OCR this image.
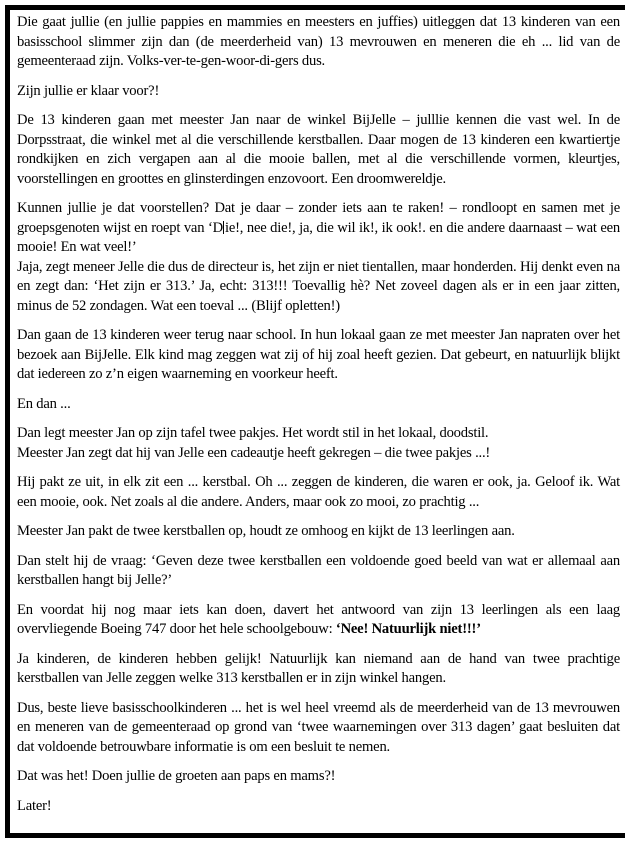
Die gaat jullie (en jullie pappies en mammies en meesters en juffies) uitleggen dat 13 kinderen van een basisschool slimmer zijn dan (de meerderheid van) 13 mevrouwen en meneren die eh ... lid van de gemeenteraad zijn. Volks-ver-te-gen-woor-di-gers dus.

Zijn jullie er klaar voor?!

De 13 kinderen gaan met meester Jan naar de winkel BijJelle – julllie kennen die vast wel. In de Dorpsstraat, die winkel met al die verschillende kerstballen. Daar mogen de 13 kinderen een kwartiertje rondkijken en zich vergapen aan al die mooie ballen, met al die verschillende vormen, kleurtjes, voorstellingen en groottes en glinsterdingen enzovoort. Een droomwereldje.

Kunnen jullie je dat voorstellen? Dat je daar – zonder iets aan te raken! – rondloopt en samen met je groepsgenoten wijst en roept van ‘D ie!, nee die!, ja, die wil ik!, ik ook!. en die andere daarnaast – wat een mooie! En wat veel!’
Jaja, zegt meneer Jelle die dus de directeur is, het zijn er niet tientallen, maar honderden. Hij denkt even na en zegt dan: ‘Het zijn er 313.’ Ja, echt: 313!!! Toevallig hè? Net zoveel dagen als er in een jaar zitten, minus de 52 zondagen. Wat een toeval ... (Blijf opletten!)

Dan gaan de 13 kinderen weer terug naar school. In hun lokaal gaan ze met meester Jan napraten over het bezoek aan BijJelle. Elk kind mag zeggen wat zij of hij zoal heeft gezien. Dat gebeurt, en natuurlijk blijkt dat iedereen zo z’n eigen waarneming en voorkeur heeft.

En dan ...

Dan legt meester Jan op zijn tafel twee pakjes. Het wordt stil in het lokaal, doodstil.
Meester Jan zegt dat hij van Jelle een cadeautje heeft gekregen – die twee pakjes ...!

Hij pakt ze uit, in elk zit een ... kerstbal. Oh ... zeggen de kinderen, die waren er ook, ja. Geloof ik. Wat een mooie, ook. Net zoals al die andere. Anders, maar ook zo mooi, zo prachtig ...

Meester Jan pakt de twee kerstballen op, houdt ze omhoog en kijkt de 13 leerlingen aan.

Dan stelt hij de vraag: ‘Geven deze twee kerstballen een voldoende goed beeld van wat er allemaal aan kerstballen hangt bij Jelle?’

En voordat hij nog maar iets kan doen, davert het antwoord van zijn 13 leerlingen als een laag overvliegende Boeing 747 door het hele schoolgebouw: ‘Nee! Natuurlijk niet!!!’

Ja kinderen, de kinderen hebben gelijk! Natuurlijk kan niemand aan de hand van twee prachtige kerstballen van Jelle zeggen welke 313 kerstballen er in zijn winkel hangen.

Dus, beste lieve basisschoolkinderen ... het is wel heel vreemd als de meerderheid van de 13 mevrouwen en meneren van de gemeenteraad op grond van ‘twee waarnemingen over 313 dagen’ gaat besluiten dat dat voldoende betrouwbare informatie is om een besluit te nemen.

Dat was het! Doen jullie de groeten aan paps en mams?!

Later!
